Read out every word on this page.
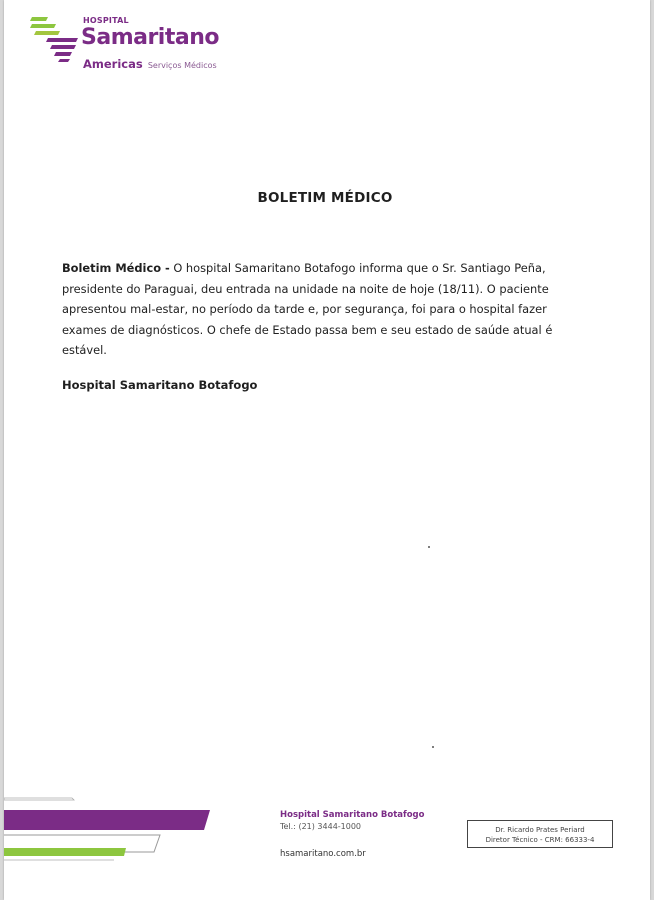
HOSPITAL
Samaritano
Americas Serviços Médicos
BOLETIM MÉDICO

Boletim Médico - O hospital Samaritano Botafogo informa que o Sr. Santiago Peña, presidente do Paraguai, deu entrada na unidade na noite de hoje (18/11). O paciente apresentou mal-estar, no período da tarde e, por segurança, foi para o hospital fazer exames de diagnósticos. O chefe de Estado passa bem e seu estado de saúde atual é estável.

Hospital Samaritano Botafogo
Hospital Samaritano Botafogo
Tel.: (21) 3444-1000
hsamaritano.com.br
Dr. Ricardo Prates Periard
Diretor Técnico - CRM: 66333-4
